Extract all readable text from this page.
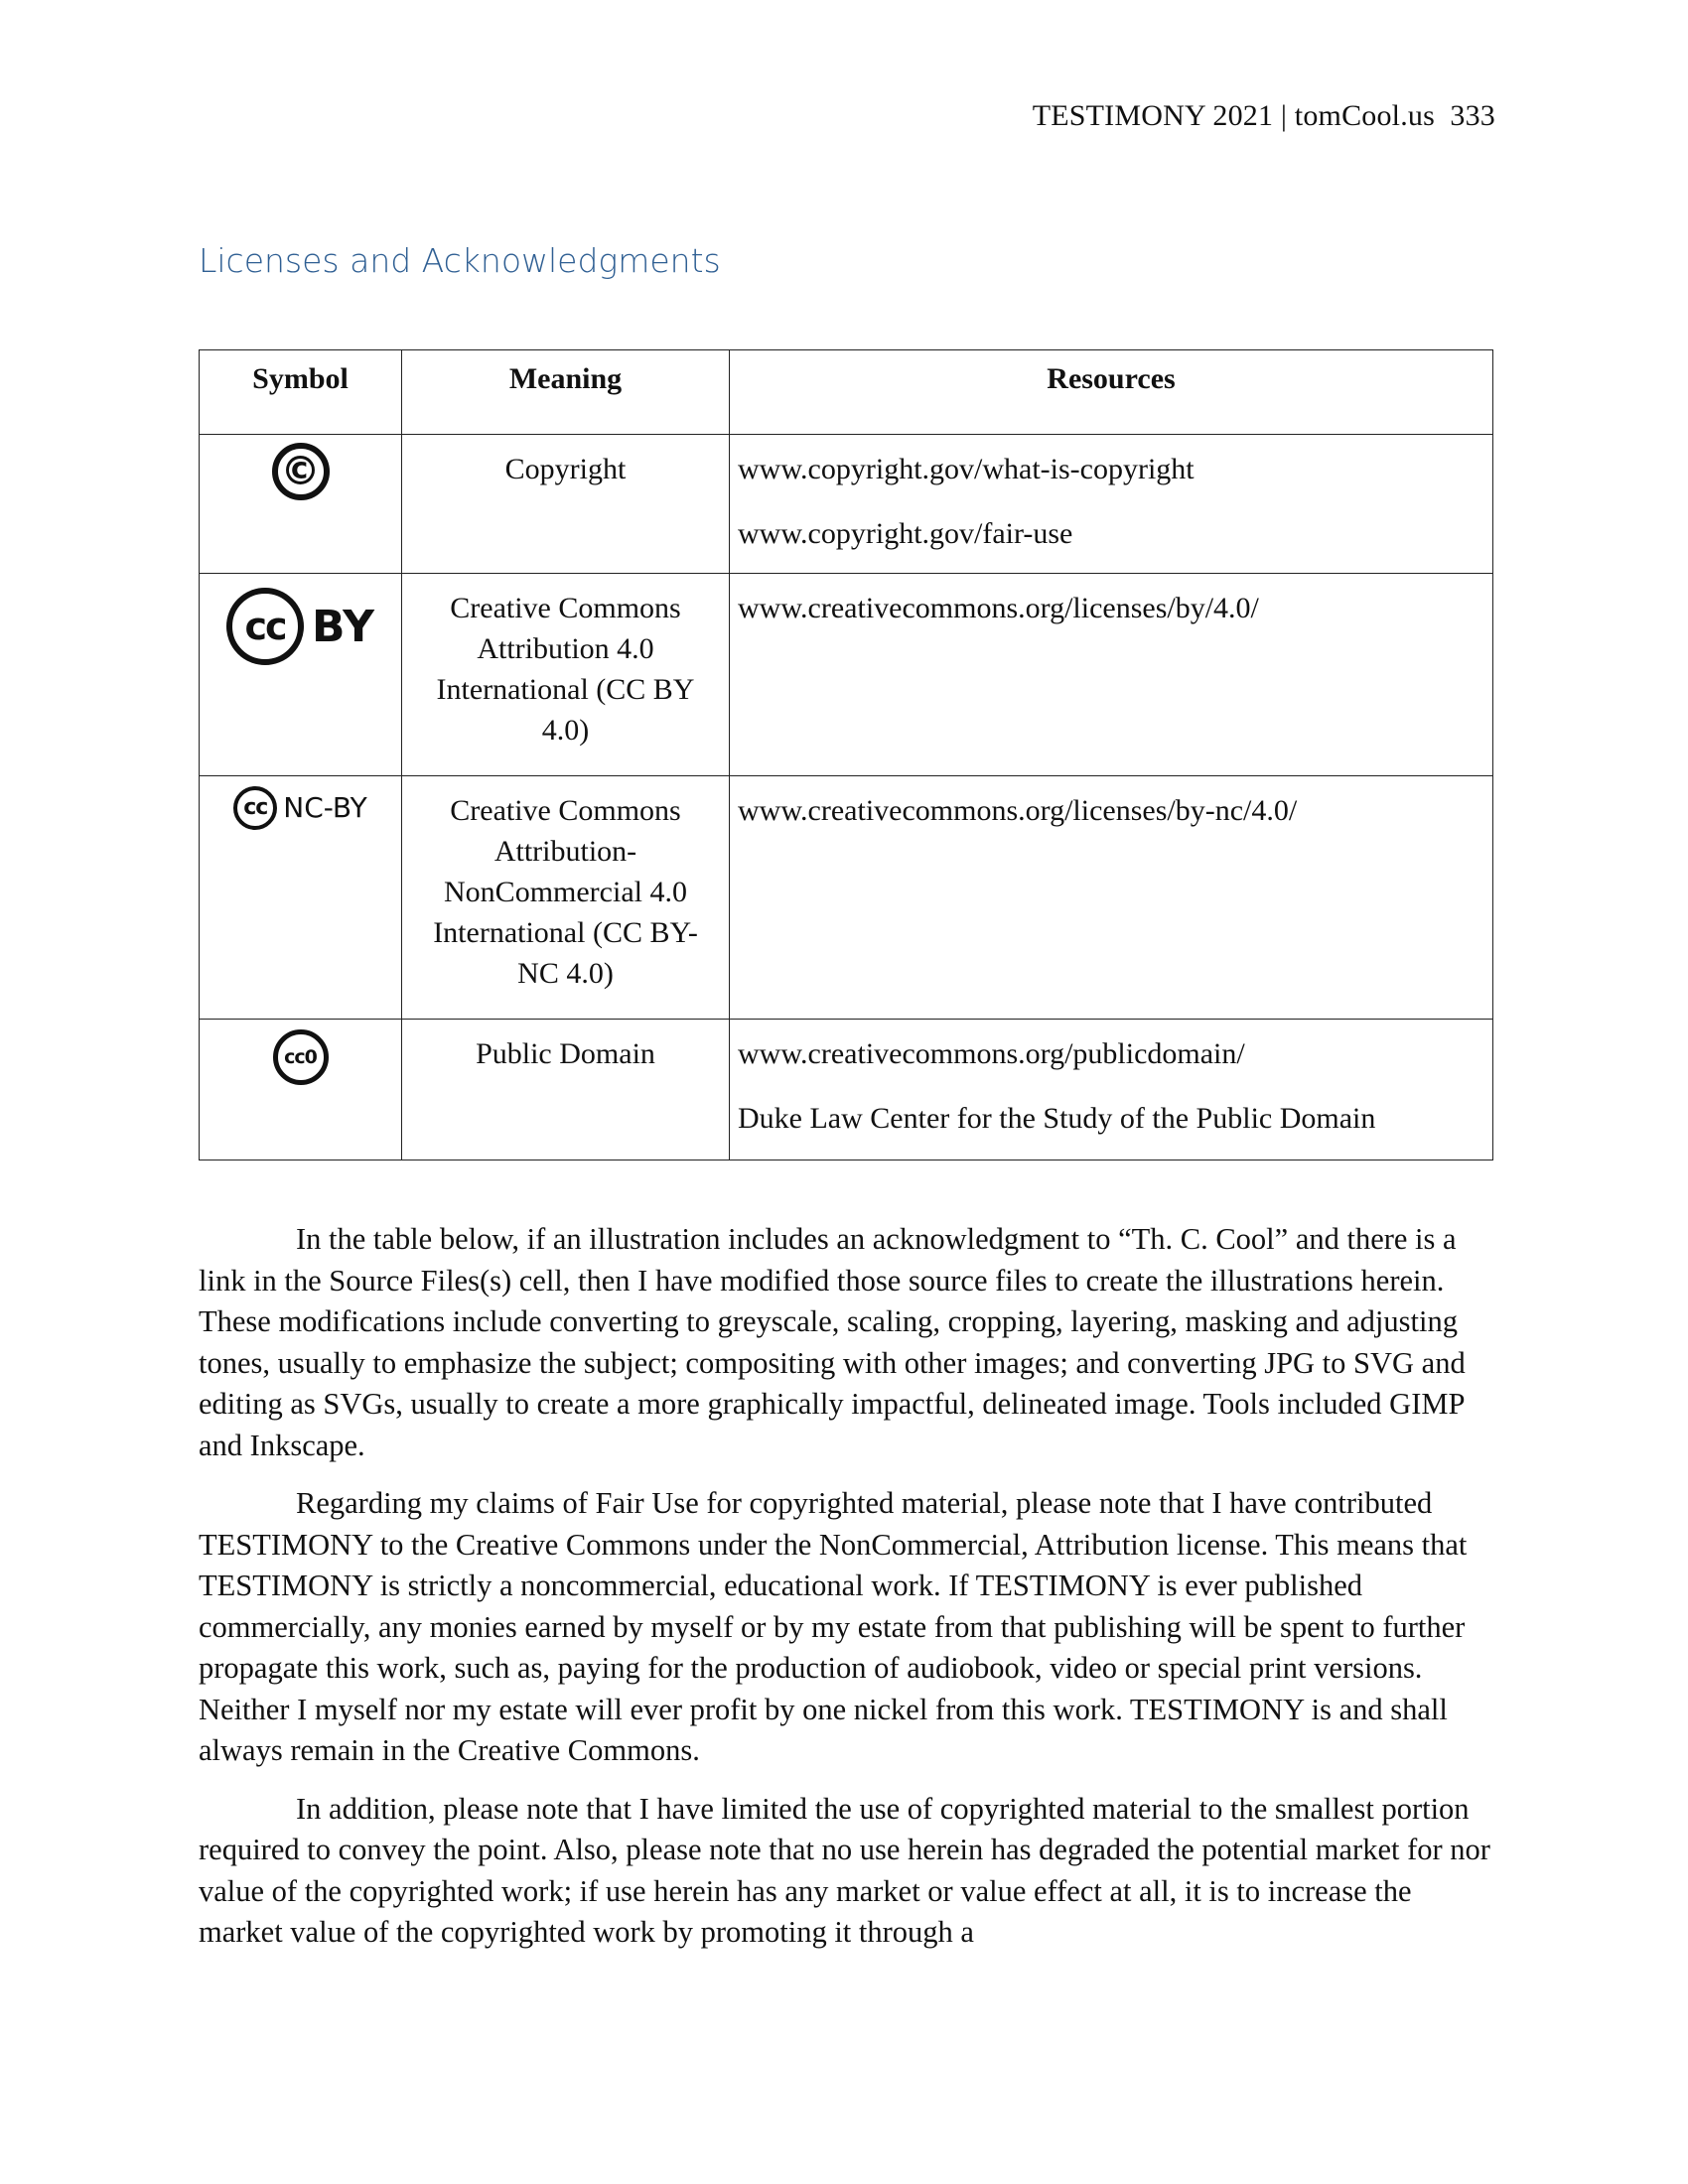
TESTIMONY 2021 | tomCool.us  333
Licenses and Acknowledgments
Symbol	Meaning	Resources
©	Copyright	www.copyright.gov/what-is-copyright

www.copyright.gov/fair-use

cc BY	Creative Commons Attribution 4.0 International (CC BY 4.0)	www.creativecommons.org/licenses/by/4.0/

cc NC-BY	Creative Commons Attribution-NonCommercial 4.0 International (CC BY-NC 4.0)	www.creativecommons.org/licenses/by-nc/4.0/

cc0	Public Domain	www.creativecommons.org/publicdomain/

Duke Law Center for the Study of the Public Domain

In the table below, if an illustration includes an acknowledgment to “Th. C. Cool” and there is a link in the Source Files(s) cell, then I have modified those source files to create the illustrations herein. These modifications include converting to greyscale, scaling, cropping, layering, masking and adjusting tones, usually to emphasize the subject; compositing with other images; and converting JPG to SVG and editing as SVGs, usually to create a more graphically impactful, delineated image. Tools included GIMP and Inkscape.

Regarding my claims of Fair Use for copyrighted material, please note that I have contributed TESTIMONY to the Creative Commons under the NonCommercial, Attribution license. This means that TESTIMONY is strictly a noncommercial, educational work. If TESTIMONY is ever published commercially, any monies earned by myself or by my estate from that publishing will be spent to further propagate this work, such as, paying for the production of audiobook, video or special print versions. Neither I myself nor my estate will ever profit by one nickel from this work. TESTIMONY is and shall always remain in the Creative Commons.

In addition, please note that I have limited the use of copyrighted material to the smallest portion required to convey the point. Also, please note that no use herein has degraded the potential market for nor value of the copyrighted work; if use herein has any market or value effect at all, it is to increase the market value of the copyrighted work by promoting it through a
